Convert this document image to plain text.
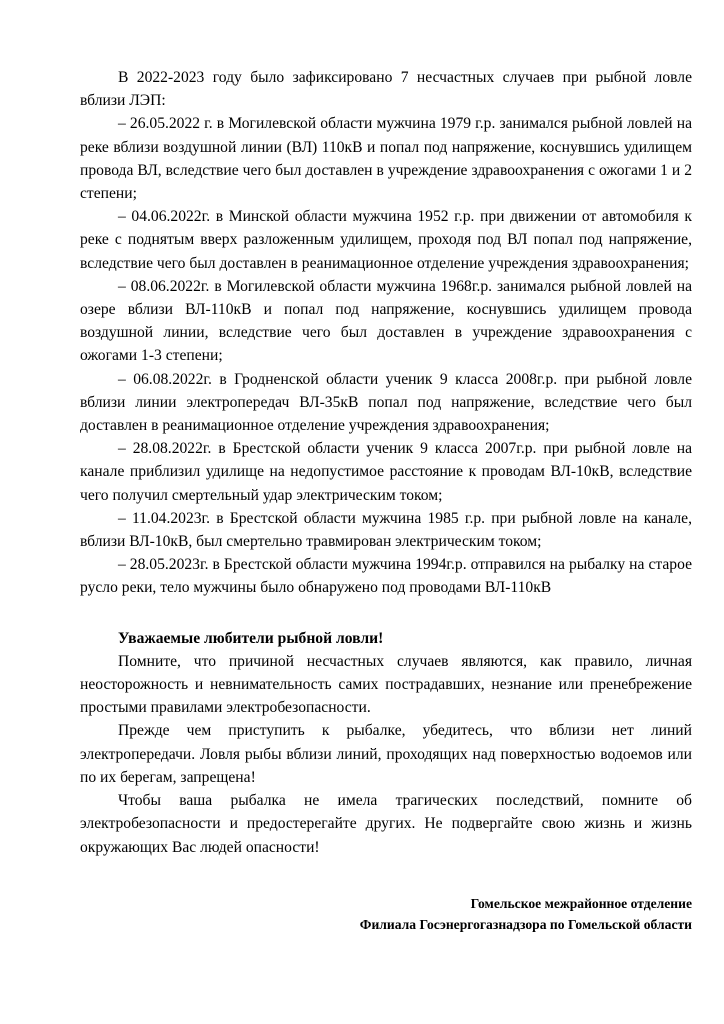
В 2022-2023 году было зафиксировано 7 несчастных случаев при рыбной ловле вблизи ЛЭП:

– 26.05.2022 г. в Могилевской области мужчина 1979 г.р. занимался рыбной ловлей на реке вблизи воздушной линии (ВЛ) 110кВ и попал под напряжение, коснувшись удилищем провода ВЛ, вследствие чего был доставлен в учреждение здравоохранения с ожогами 1 и 2 степени;

– 04.06.2022г. в Минской области мужчина 1952 г.р. при движении от автомобиля к реке с поднятым вверх разложенным удилищем, проходя под ВЛ попал под напряжение, вследствие чего был доставлен в реанимационное отделение учреждения здравоохранения;

– 08.06.2022г. в Могилевской области мужчина 1968г.р. занимался рыбной ловлей на озере вблизи ВЛ-110кВ и попал под напряжение, коснувшись удилищем провода воздушной линии, вследствие чего был доставлен в учреждение здравоохранения с ожогами 1-3 степени;

– 06.08.2022г. в Гродненской области ученик 9 класса 2008г.р. при рыбной ловле вблизи линии электропередач ВЛ-35кВ попал под напряжение, вследствие чего был доставлен в реанимационное отделение учреждения здравоохранения;

– 28.08.2022г. в Брестской области ученик 9 класса 2007г.р. при рыбной ловле на канале приблизил удилище на недопустимое расстояние к проводам ВЛ-10кВ, вследствие чего получил смертельный удар электрическим током;

– 11.04.2023г. в Брестской области мужчина 1985 г.р. при рыбной ловле на канале, вблизи ВЛ-10кВ, был смертельно травмирован электрическим током;

– 28.05.2023г. в Брестской области мужчина 1994г.р. отправился на рыбалку на старое русло реки, тело мужчины было обнаружено под проводами ВЛ-110кВ

Уважаемые любители рыбной ловли!

Помните, что причиной несчастных случаев являются, как правило, личная неосторожность и невнимательность самих пострадавших, незнание или пренебрежение простыми правилами электробезопасности.

Прежде чем приступить к рыбалке, убедитесь, что вблизи нет линий электропередачи. Ловля рыбы вблизи линий, проходящих над поверхностью водоемов или по их берегам, запрещена!

Чтобы ваша рыбалка не имела трагических последствий, помните об электробезопасности и предостерегайте других. Не подвергайте свою жизнь и жизнь окружающих Вас людей опасности!

Гомельское межрайонное отделение
Филиала Госэнергогазнадзора по Гомельской области
